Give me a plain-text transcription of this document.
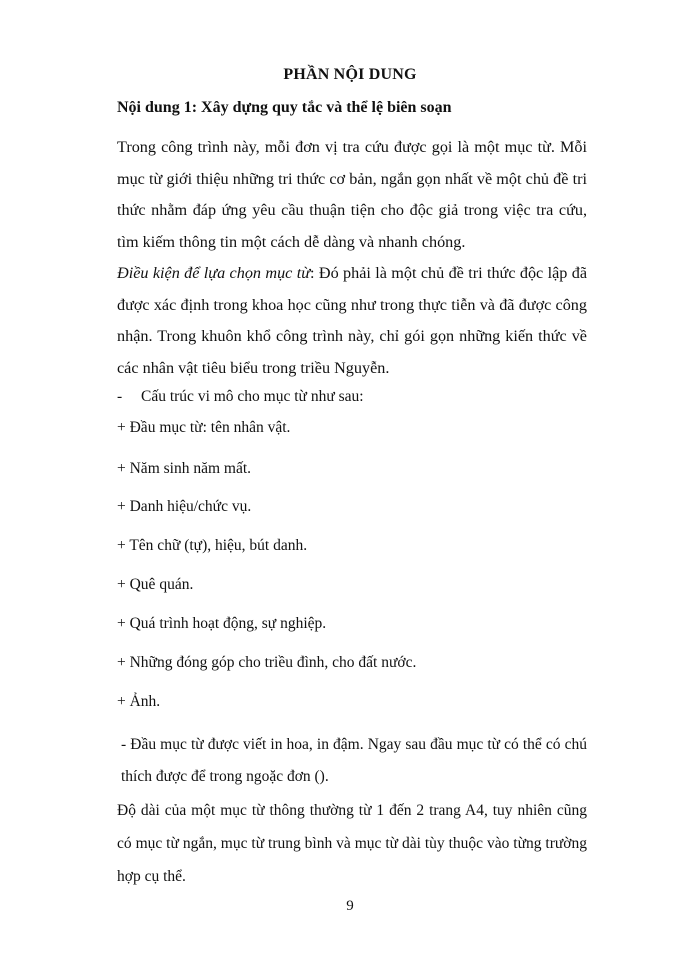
PHẦN NỘI DUNG
Nội dung 1: Xây dựng quy tắc và thể lệ biên soạn

Trong công trình này, mỗi đơn vị tra cứu được gọi là một mục từ. Mỗi mục từ giới thiệu những tri thức cơ bản, ngắn gọn nhất về một chủ đề tri thức nhằm đáp ứng yêu cầu thuận tiện cho độc giả trong việc tra cứu, tìm kiếm thông tin một cách dễ dàng và nhanh chóng.

Điều kiện để lựa chọn mục từ: Đó phải là một chủ đề tri thức độc lập đã được xác định trong khoa học cũng như trong thực tiễn và đã được công nhận. Trong khuôn khổ công trình này, chỉ gói gọn những kiến thức về các nhân vật tiêu biểu trong triều Nguyễn.

- Cấu trúc vi mô cho mục từ như sau:
+ Đầu mục từ: tên nhân vật.
+ Năm sinh năm mất.
+ Danh hiệu/chức vụ.
+ Tên chữ (tự), hiệu, bút danh.
+ Quê quán.
+ Quá trình hoạt động, sự nghiệp.
+ Những đóng góp cho triều đình, cho đất nước.
+ Ảnh.

- Đầu mục từ được viết in hoa, in đậm. Ngay sau đầu mục từ có thể có chú thích được để trong ngoặc đơn ().

Độ dài của một mục từ thông thường từ 1 đến 2 trang A4, tuy nhiên cũng có mục từ ngắn, mục từ trung bình và mục từ dài tùy thuộc vào từng trường hợp cụ thể.

9
